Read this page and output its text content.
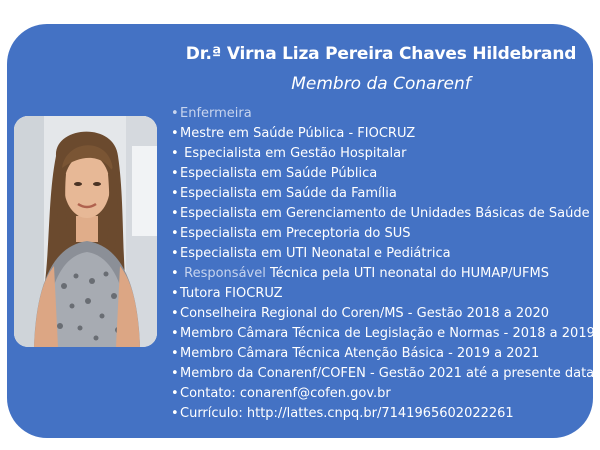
Dr.ª Virna Liza Pereira Chaves Hildebrand
Membro da Conarenf
•Enfermeira
•Mestre em Saúde Pública - FIOCRUZ
• Especialista em Gestão Hospitalar
•Especialista em Saúde Pública
•Especialista em Saúde da Família
•Especialista em Gerenciamento de Unidades Básicas de Saúde
•Especialista em Preceptoria do SUS
•Especialista em UTI Neonatal e Pediátrica
• Responsável Técnica pela UTI neonatal do HUMAP/UFMS
•Tutora FIOCRUZ
•Conselheira Regional do Coren/MS - Gestão 2018 a 2020
•Membro Câmara Técnica de Legislação e Normas - 2018 a 2019
•Membro Câmara Técnica Atenção Básica - 2019 a 2021
•Membro da Conarenf/COFEN - Gestão 2021 até a presente data
•Contato: conarenf@cofen.gov.br
•Currículo: http://lattes.cnpq.br/7141965602022261
